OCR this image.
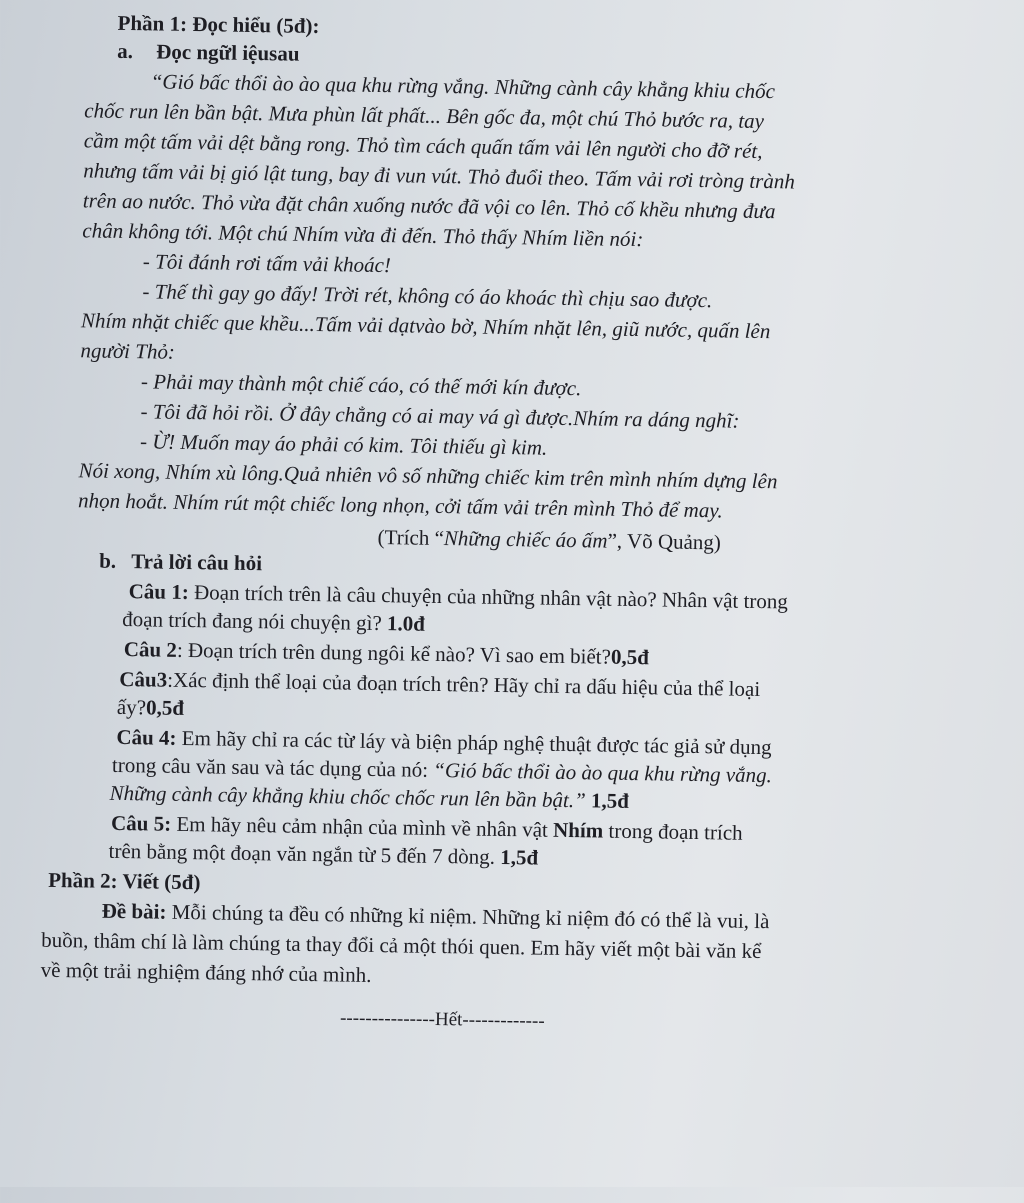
Phần 1: Đọc hiểu (5đ):
a. Đọc ngữl iệusau
“Gió bấc thổi ào ào qua khu rừng vắng. Những cành cây khẳng khiu chốc
chốc run lên bần bật. Mưa phùn lất phất... Bên gốc đa, một chú Thỏ bước ra, tay
cầm một tấm vải dệt bằng rong. Thỏ tìm cách quấn tấm vải lên người cho đỡ rét,
nhưng tấm vải bị gió lật tung, bay đi vun vút. Thỏ đuổi theo. Tấm vải rơi tròng trành
trên ao nước. Thỏ vừa đặt chân xuống nước đã vội co lên. Thỏ cố khều nhưng đưa
chân không tới. Một chú Nhím vừa đi đến. Thỏ thấy Nhím liền nói:
- Tôi đánh rơi tấm vải khoác!
- Thế thì gay go đấy! Trời rét, không có áo khoác thì chịu sao được.
Nhím nhặt chiếc que khều...Tấm vải dạtvào bờ, Nhím nhặt lên, giũ nước, quấn lên
người Thỏ:
- Phải may thành một chiế cáo, có thế mới kín được.
- Tôi đã hỏi rồi. Ở đây chẳng có ai may vá gì được.Nhím ra dáng nghĩ:
- Ừ! Muốn may áo phải có kim. Tôi thiếu gì kim.
Nói xong, Nhím xù lông.Quả nhiên vô số những chiếc kim trên mình nhím dựng lên
nhọn hoắt. Nhím rút một chiếc long nhọn, cởi tấm vải trên mình Thỏ để may.
(Trích “Những chiếc áo ấm”, Võ Quảng)
b. Trả lời câu hỏi
Câu 1: Đoạn trích trên là câu chuyện của những nhân vật nào? Nhân vật trong
đoạn trích đang nói chuyện gì? 1.0đ
Câu 2: Đoạn trích trên dung ngôi kể nào? Vì sao em biết?0,5đ
Câu3:Xác định thể loại của đoạn trích trên? Hãy chỉ ra dấu hiệu của thể loại
ấy?0,5đ
Câu 4: Em hãy chỉ ra các từ láy và biện pháp nghệ thuật được tác giả sử dụng
trong câu văn sau và tác dụng của nó: “Gió bấc thổi ào ào qua khu rừng vắng.
Những cành cây khẳng khiu chốc chốc run lên bần bật.” 1,5đ
Câu 5: Em hãy nêu cảm nhận của mình về nhân vật Nhím trong đoạn trích
trên bằng một đoạn văn ngắn từ 5 đến 7 dòng. 1,5đ
Phần 2: Viết (5đ)
Đề bài: Mỗi chúng ta đều có những kỉ niệm. Những kỉ niệm đó có thể là vui, là
buồn, thâm chí là làm chúng ta thay đổi cả một thói quen. Em hãy viết một bài văn kể
về một trải nghiệm đáng nhớ của mình.
---------------Hết-------------
